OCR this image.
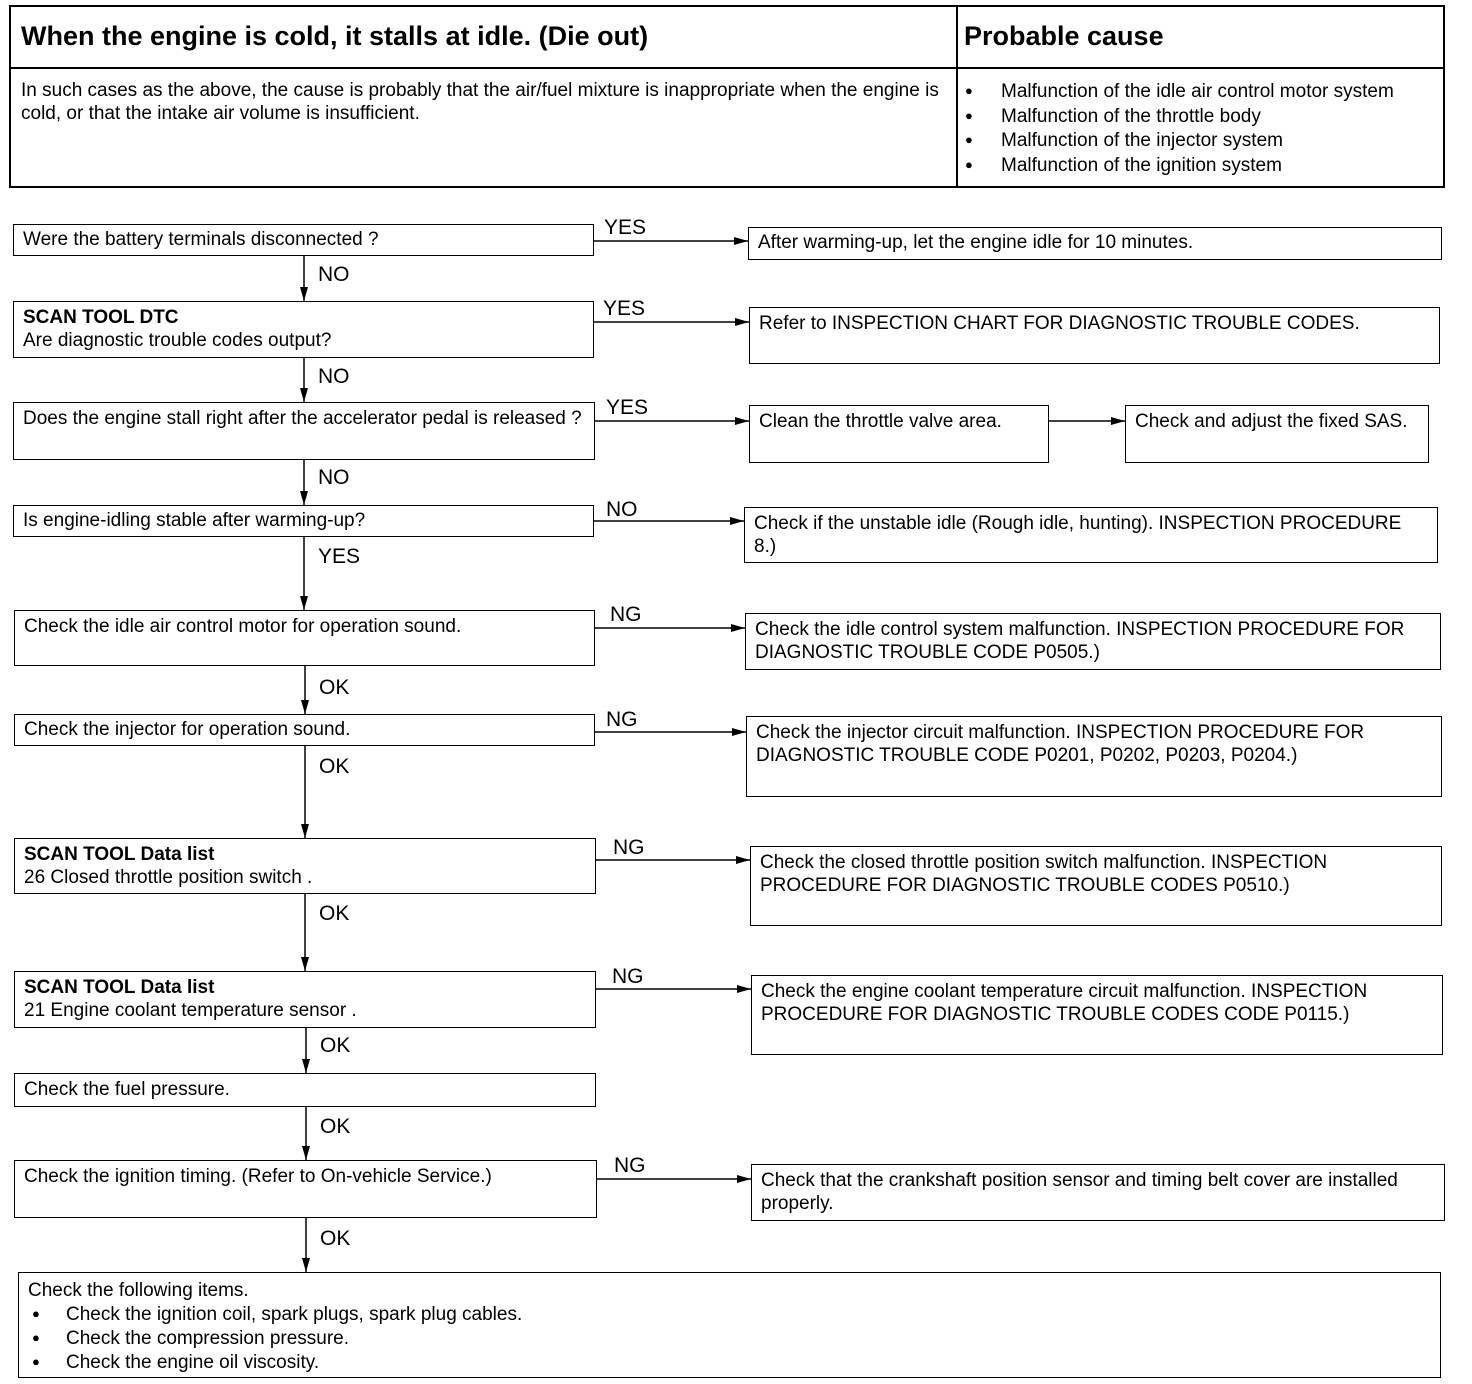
When the engine is cold, it stalls at idle. (Die out)	Probable cause
In such cases as the above, the cause is probably that the air/fuel mixture is inappropriate when the engine is cold, or that the intake air volume is insufficient.
● Malfunction of the idle air control motor system
● Malfunction of the throttle body
● Malfunction of the injector system
● Malfunction of the ignition system
Were the battery terminals disconnected ?
YES
After warming-up, let the engine idle for 10 minutes.
NO
SCAN TOOL DTC
Are diagnostic trouble codes output?
YES
Refer to INSPECTION CHART FOR DIAGNOSTIC TROUBLE CODES.
NO
Does the engine stall right after the accelerator pedal is released ?	YES
Clean the throttle valve area.	Check and adjust the fixed SAS.
NO
Is engine-idling stable after warming-up?	NO
Check if the unstable idle (Rough idle, hunting). INSPECTION PROCEDURE 8.)
YES
Check the idle air control motor for operation sound.
NG
Check the idle control system malfunction. INSPECTION PROCEDURE FOR DIAGNOSTIC TROUBLE CODE P0505.)
OK
Check the injector for operation sound.	NG
Check the injector circuit malfunction. INSPECTION PROCEDURE FOR DIAGNOSTIC TROUBLE CODE P0201, P0202, P0203, P0204.)
OK
SCAN TOOL Data list
26 Closed throttle position switch .
NG
Check the closed throttle position switch malfunction. INSPECTION PROCEDURE FOR DIAGNOSTIC TROUBLE CODES P0510.)
OK
SCAN TOOL Data list
21 Engine coolant temperature sensor .
NG
Check the engine coolant temperature circuit malfunction. INSPECTION PROCEDURE FOR DIAGNOSTIC TROUBLE CODES CODE P0115.)
OK
Check the fuel pressure.
OK
Check the ignition timing. (Refer to On-vehicle Service.)	NG
Check that the crankshaft position sensor and timing belt cover are installed properly.
OK
Check the following items.
● Check the ignition coil, spark plugs, spark plug cables.
● Check the compression pressure.
● Check the engine oil viscosity.
